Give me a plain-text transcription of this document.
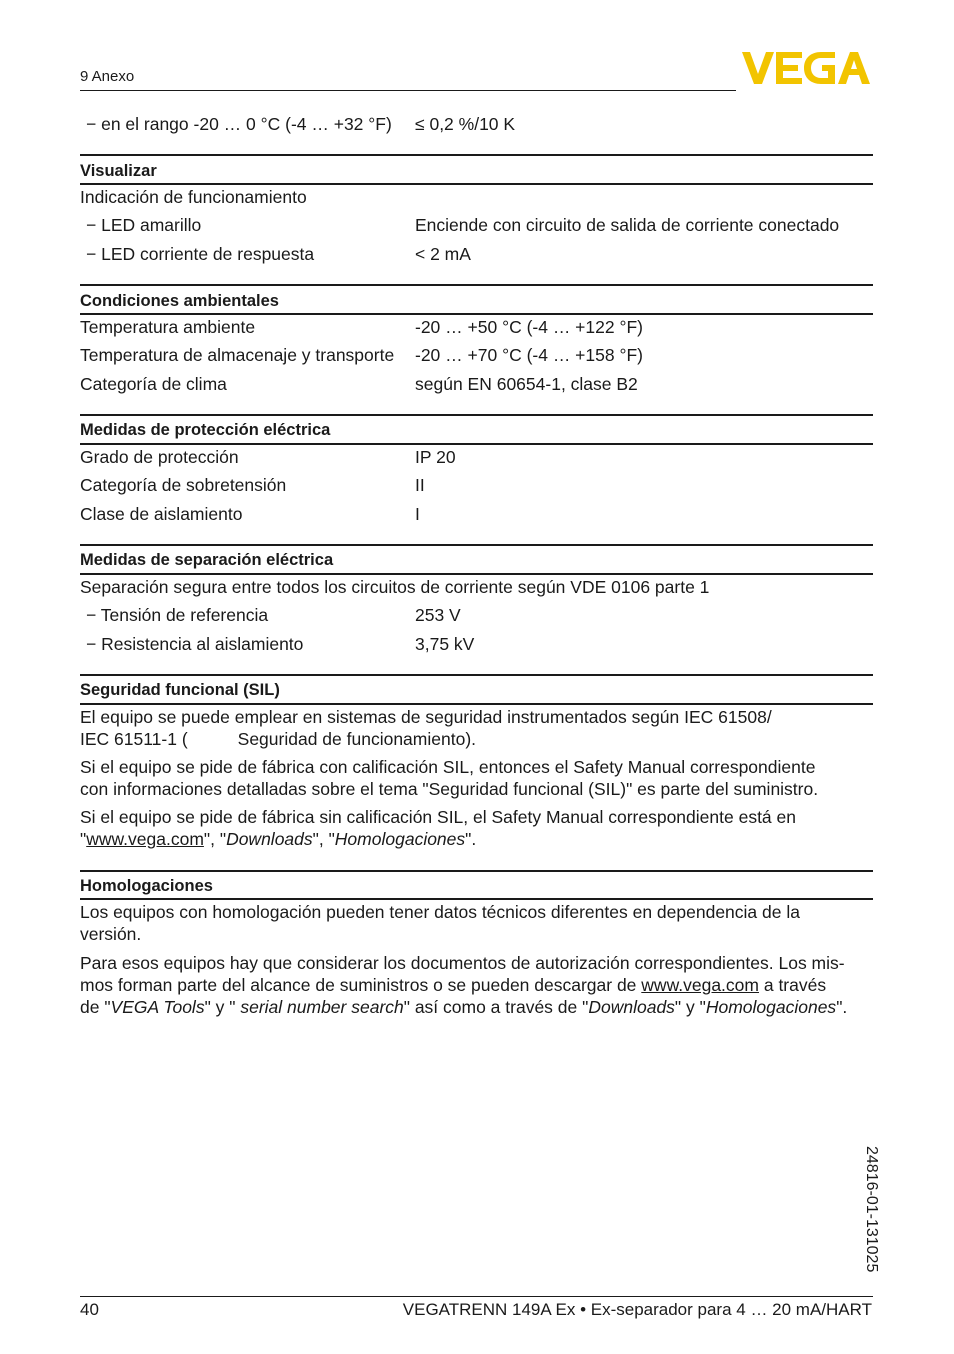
9 Anexo
− en el rango -20 … 0 °C (-4 … +32 °F) ≤ 0,2 %/10 K
Visualizar
Indicación de funcionamiento
− LED amarillo	Enciende con circuito de salida de corriente conectado
− LED corriente de respuesta	< 2 mA
Condiciones ambientales
Temperatura ambiente	-20 … +50 °C (-4 … +122 °F)
Temperatura de almacenaje y transporte -20 … +70 °C (-4 … +158 °F)
Categoría de clima	según EN 60654-1, clase B2
Medidas de protección eléctrica
Grado de protección	IP 20
Categoría de sobretensión	II
Clase de aislamiento	I
Medidas de separación eléctrica
Separación segura entre todos los circuitos de corriente según VDE 0106 parte 1
− Tensión de referencia	253 V
− Resistencia al aislamiento	3,75 kV
Seguridad funcional (SIL)
El equipo se puede emplear en sistemas de seguridad instrumentados según IEC 61508/
IEC 61511-1 (	Seguridad de funcionamiento).
Si el equipo se pide de fábrica con calificación SIL, entonces el Safety Manual correspondiente
con informaciones detalladas sobre el tema "Seguridad funcional (SIL)" es parte del suministro.
Si el equipo se pide de fábrica sin calificación SIL, el Safety Manual correspondiente está en
"www.vega.com", "Downloads", "Homologaciones".
Homologaciones
Los equipos con homologación pueden tener datos técnicos diferentes en dependencia de la
versión.
Para esos equipos hay que considerar los documentos de autorización correspondientes. Los mis-
mos forman parte del alcance de suministros o se pueden descargar de www.vega.com a través
de "VEGA Tools" y " serial number search" así como a través de "Downloads" y "Homologaciones".
24816-01-131025
40	VEGATRENN 149A Ex • Ex-separador para 4 … 20 mA/HART
